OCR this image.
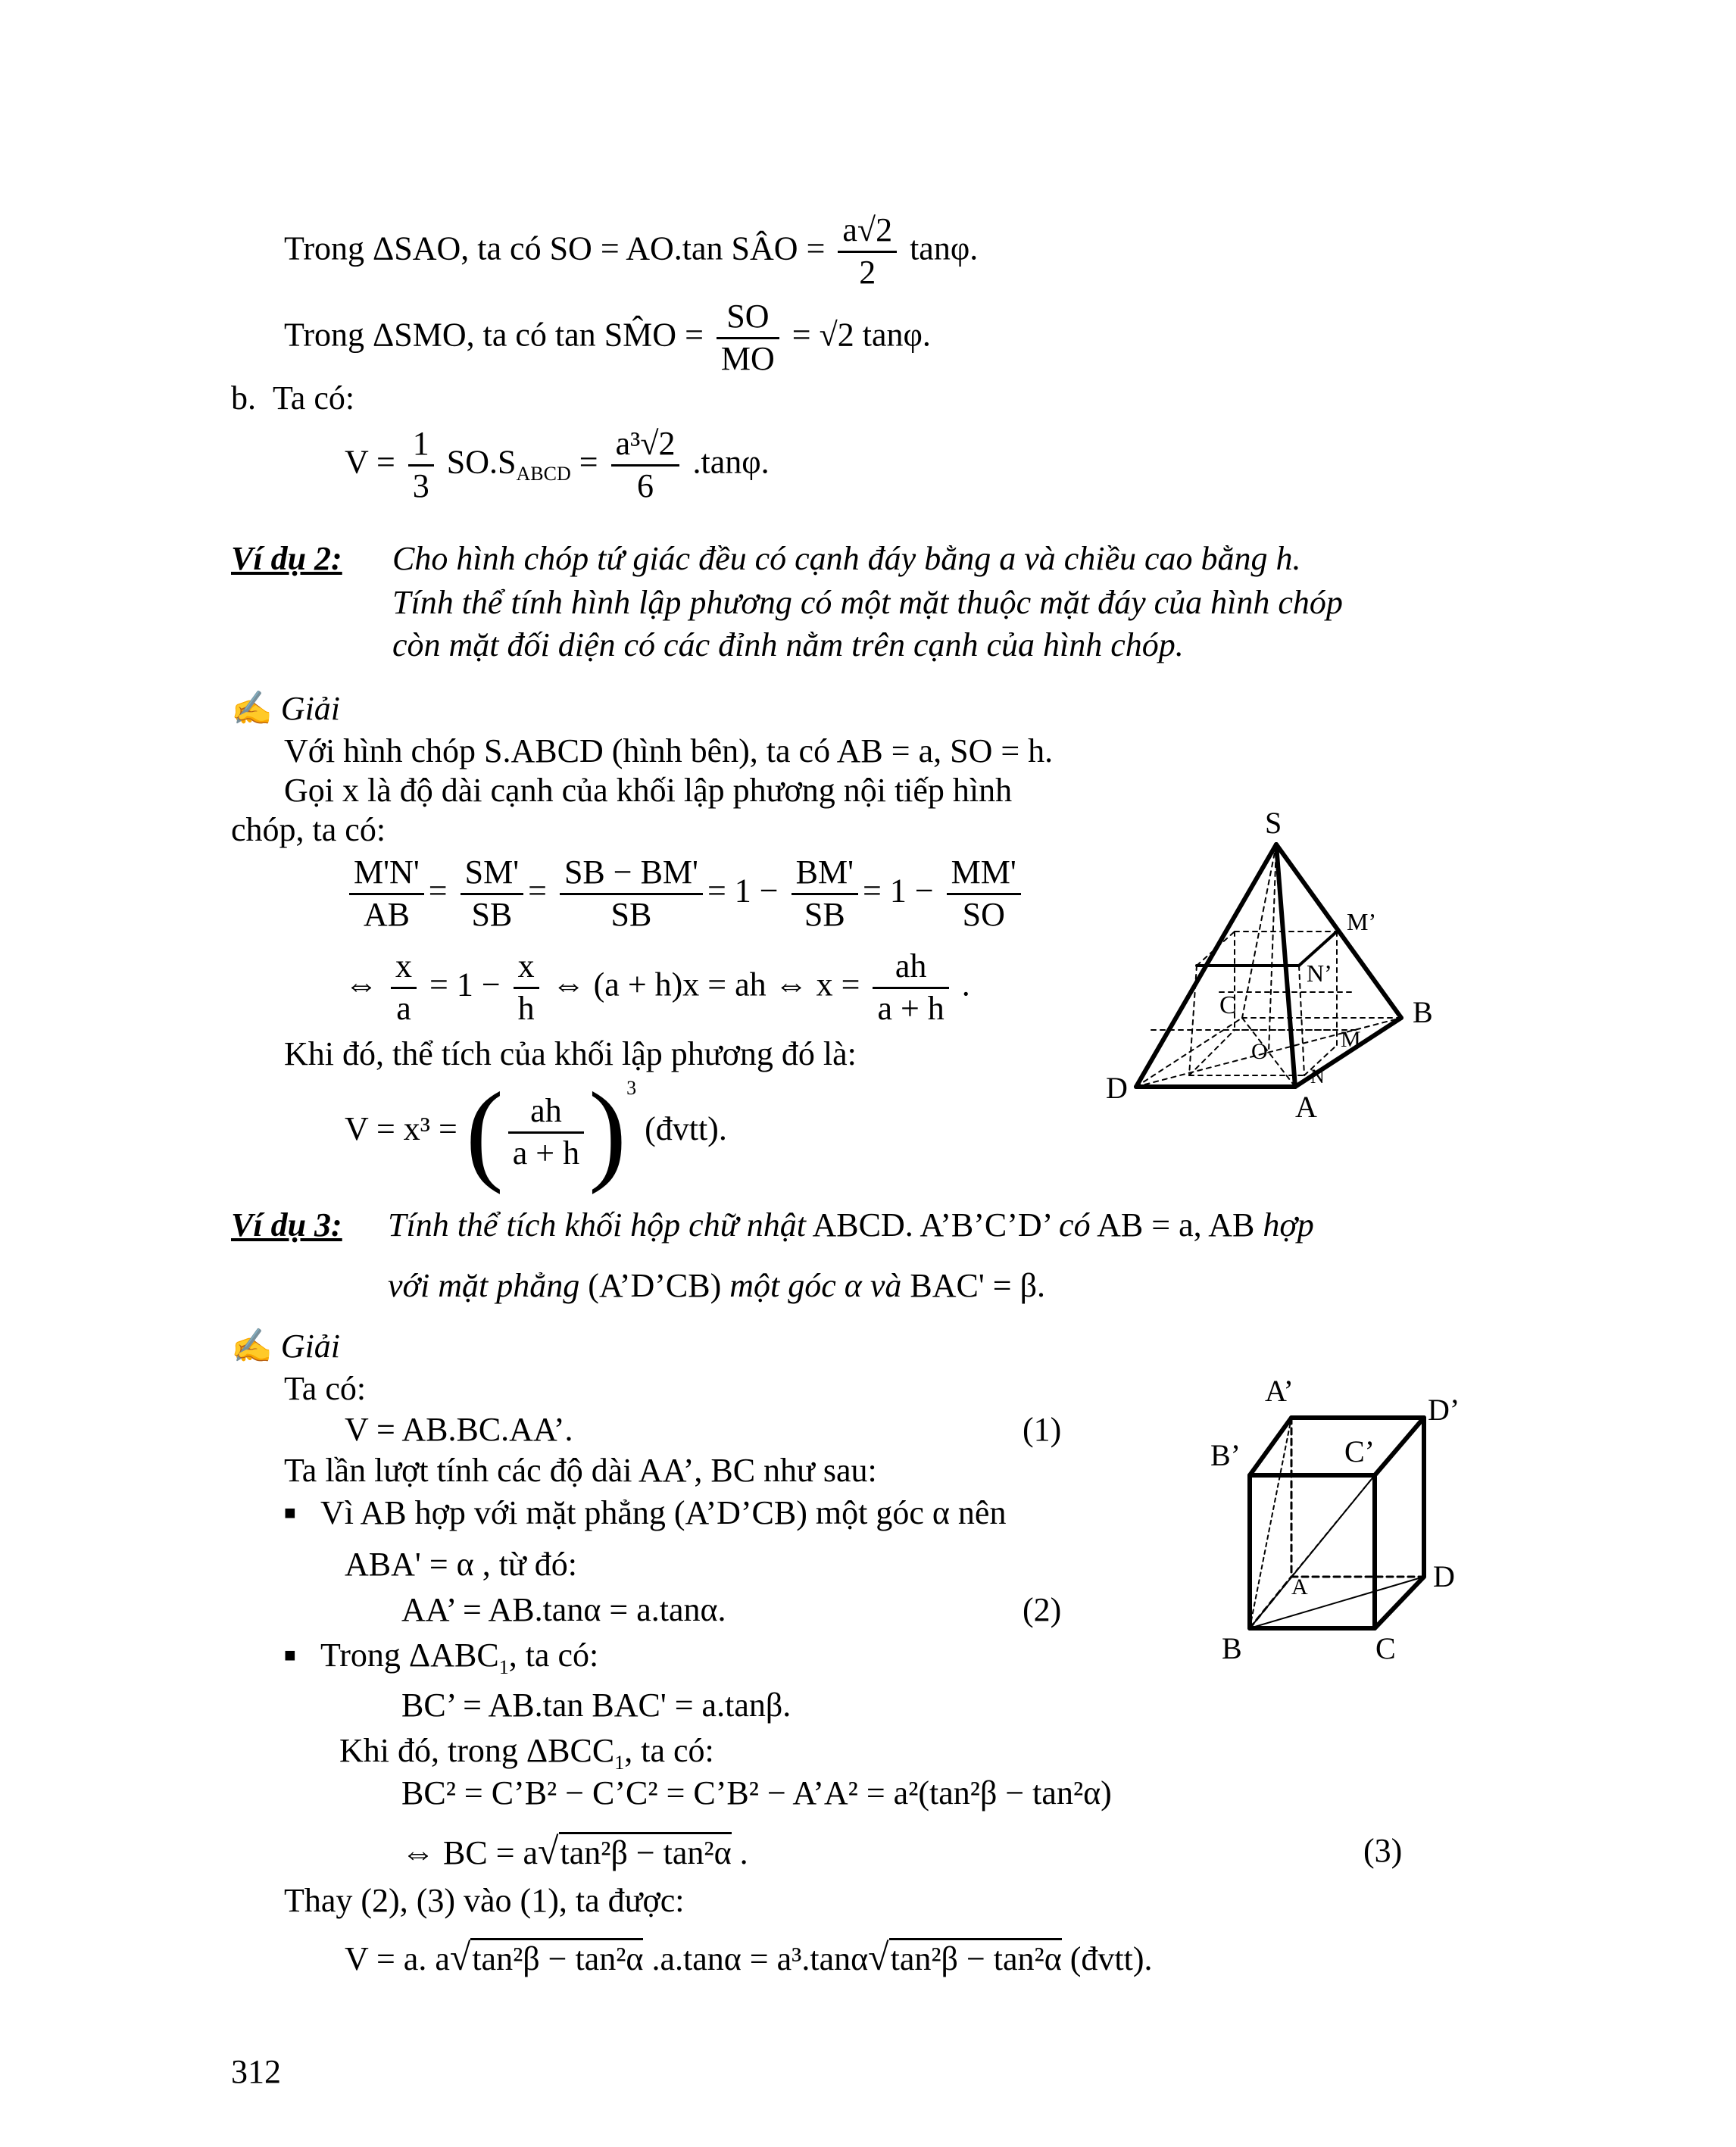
Trong ΔSAO, ta có SO = AO.tan SÂO = $\frac{a√2}{2} \tan\varphi$.
Trong ΔSMO, ta có tan SM̂O = $\frac{SO}{MO} = √2$ tanφ.
b. Ta có:
$V = \frac{1}{3} SO.S_{ABCD} = \frac{\text{a³√2}}{6} .\tan\varphi$.
Ví dụ 2: Cho hình chóp tứ giác đều có cạnh đáy bằng a và chiều cao bằng h.
Tính thể tính hình lập phương có một mặt thuộc mặt đáy của hình chóp
còn mặt đối diện có các đỉnh nằm trên cạnh của hình chóp.
✍ Giải
Với hình chóp S.ABCD (hình bên), ta có AB = a, SO = h.
Gọi x là độ dài cạnh của khối lập phương nội tiếp hình
chóp, ta có:
$\frac{M'N'}{AB} = \frac{SM'}{SB} = \frac{SB - BM'}{SB} = 1 - \frac{BM'}{SB} = 1 - \frac{MM'}{SO}$
⇔ $\frac{x}{a} = 1 - \frac{x}{h}$ ⇔ (a + h)x = ah ⇔ $x = \frac{ah}{a + h}$ .
Khi đó, thể tích của khối lập phương đó là:
V = x³ = ( $\frac{ah}{a + h} )^3$ (đvtt).
S
M’
N’
B
C
O	M
N
D
A
Ví dụ 3: Tính thể tích khối hộp chữ nhật ABCD. A’B’C’D’ có AB = a, AB hợp
với mặt phẳng (A’D’CB) một góc α và BAC' = β.
✍ Giải
Ta có:
V = AB.BC.AA’.	(1)
Ta lần lượt tính các độ dài AA’, BC như sau:
■ Vì AB hợp với mặt phẳng (A’D’CB) một góc α nên
ABA' = α , từ đó:
AA’ = AB.tanα = a.tanα.	(2)
■ Trong $\Delta ABC_1$, ta có:
BC’ = AB.tan BAC' = a.tanβ.
Khi đó, trong $\Delta BCC_1$, ta có:
BC² = C’B² − C’C² = C’B² − A’A² = a²(tan²β − tan²α)
⇔ BC = a√tan²β − tan²α .	(3)
Thay (2), (3) vào (1), ta được:
V = a. a√tan²β − tan²α .a.tanα = a³.tanα√tan²β − tan²α (đvtt).
A’
D’
B’	C’
A	D
B	C
312
